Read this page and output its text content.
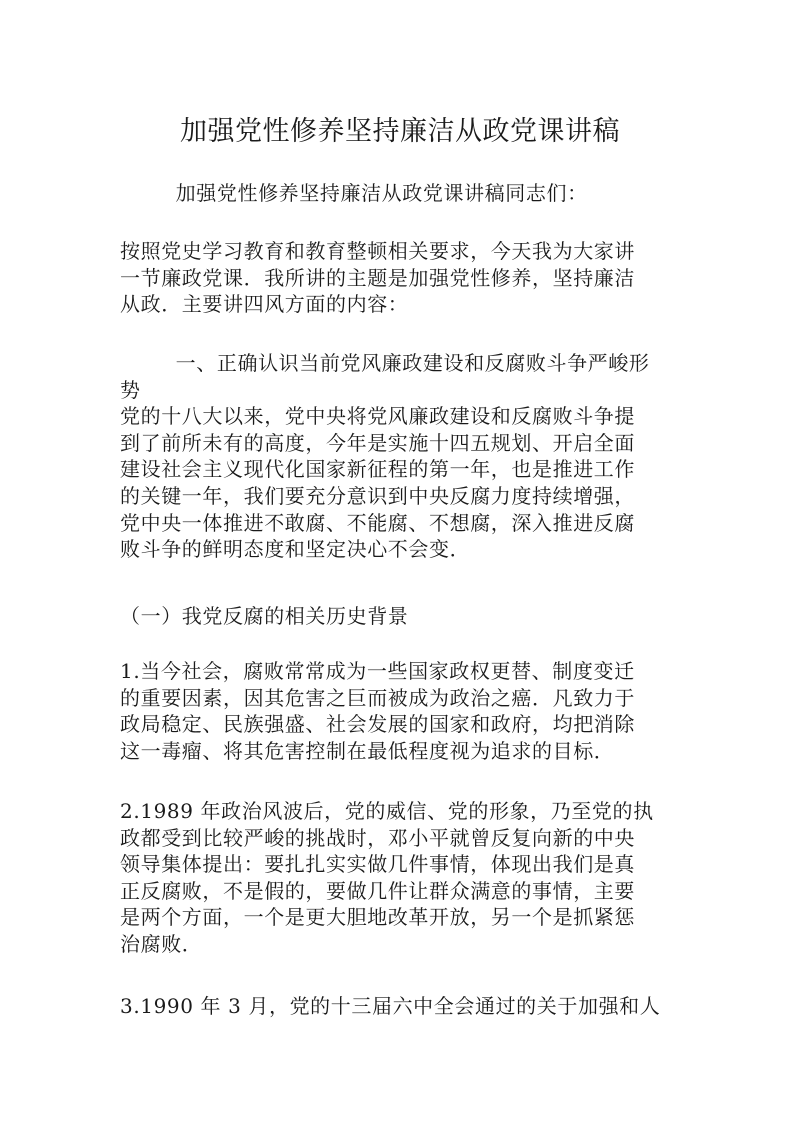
加强党性修养坚持廉洁从政党课讲稿

加强党性修养坚持廉洁从政党课讲稿同志们：

按照党史学习教育和教育整顿相关要求，今天我为大家讲
一节廉政党课．我所讲的主题是加强党性修养，坚持廉洁
从政．主要讲四风方面的内容：

一、正确认识当前党风廉政建设和反腐败斗争严峻形
势
党的十八大以来，党中央将党风廉政建设和反腐败斗争提
到了前所未有的高度，今年是实施十四五规划、开启全面
建设社会主义现代化国家新征程的第一年，也是推进工作
的关键一年，我们要充分意识到中央反腐力度持续增强，
党中央一体推进不敢腐、不能腐、不想腐，深入推进反腐
败斗争的鲜明态度和坚定决心不会变．

（一）我党反腐的相关历史背景

1.当今社会，腐败常常成为一些国家政权更替、制度变迁
的重要因素，因其危害之巨而被成为政治之癌．凡致力于
政局稳定、民族强盛、社会发展的国家和政府，均把消除
这一毒瘤、将其危害控制在最低程度视为追求的目标．

2.1989 年政治风波后，党的威信、党的形象，乃至党的执
政都受到比较严峻的挑战时，邓小平就曾反复向新的中央
领导集体提出：要扎扎实实做几件事情，体现出我们是真
正反腐败，不是假的，要做几件让群众满意的事情，主要
是两个方面，一个是更大胆地改革开放，另一个是抓紧惩
治腐败．

3.1990 年 3 月，党的十三届六中全会通过的关于加强和人
